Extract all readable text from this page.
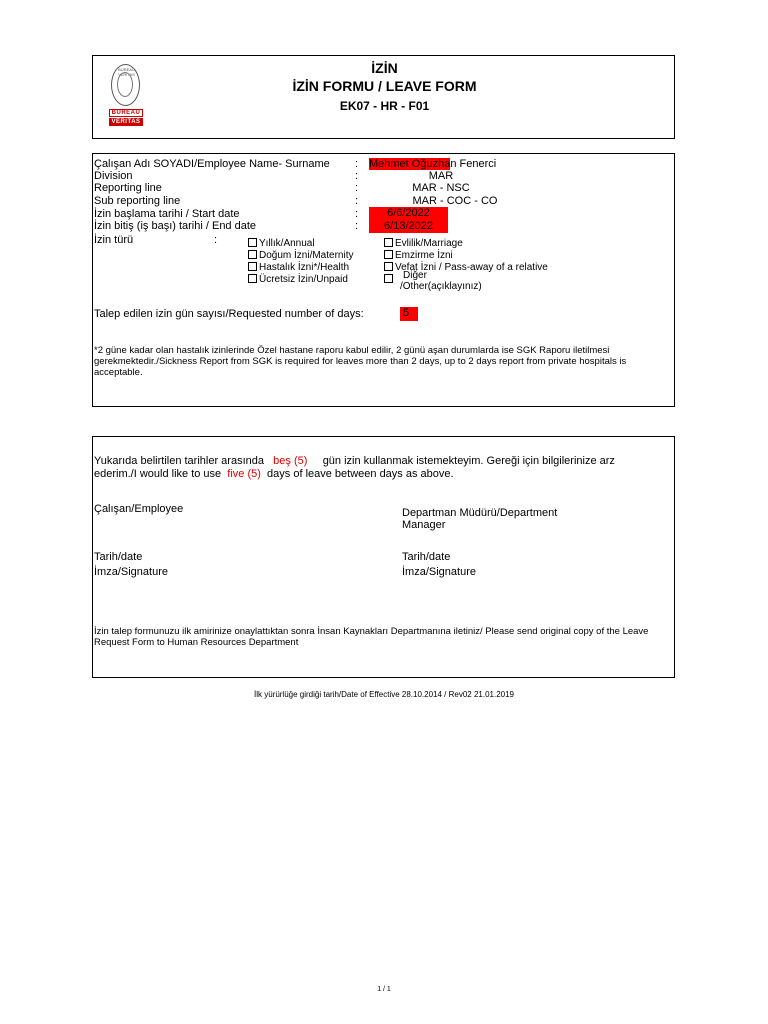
BUREAU VERITAS
BUREAU
VERITAS
İZİN
İZİN FORMU / LEAVE FORM
EK07 - HR - F01
Çalışan Adı SOYADI/Employee Name- Surname : Mehmet Oğuzhan Fenerci
Division	:	MAR
Reporting line	:	MAR - NSC
Sub reporting line	:	MAR - COC - CO
İzin başlama tarihi / Start date	:	6/6/2022
İzin bitiş (iş başı) tarihi / End date	:	6/13/2022
İzin türü	:	Yıllık/Annual	Evlilik/Marriage
Doğum İzni/Maternity	Emzirme İzni
Hastalık İzni*/Health	Vefat İzni / Pass-away of a relative
Ücretsiz İzin/Unpaid	Diğer
/Other(açıklayınız)
Talep edilen izin gün sayısı/Requested number of days:	5
*2 güne kadar olan hastalık izinlerinde Özel hastane raporu kabul edilir, 2 günü aşan durumlarda ise SGK Raporu iletilmesi gerekmektedir./Sickness Report from SGK is required for leaves more than 2 days, up to 2 days report from private hospitals is acceptable.
Yukarıda belirtilen tarihler arasında beş (5) gün izin kullanmak istemekteyim. Gereği için bilgilerinize arz
ederim./I would like to use five (5) days of leave between days as above.
Çalışan/Employee	Departman Müdürü/Department
Manager
Tarih/date	Tarih/date
İmza/Signature	İmza/Signature
İzin talep formunuzu ilk amirinize onaylattıktan sonra İnsan Kaynakları Departmanına iletiniz/ Please send original copy of the Leave Request Form to Human Resources Department
İlk yürürlüğe girdiği tarih/Date of Effective 28.10.2014 / Rev02 21.01.2019
1 / 1
